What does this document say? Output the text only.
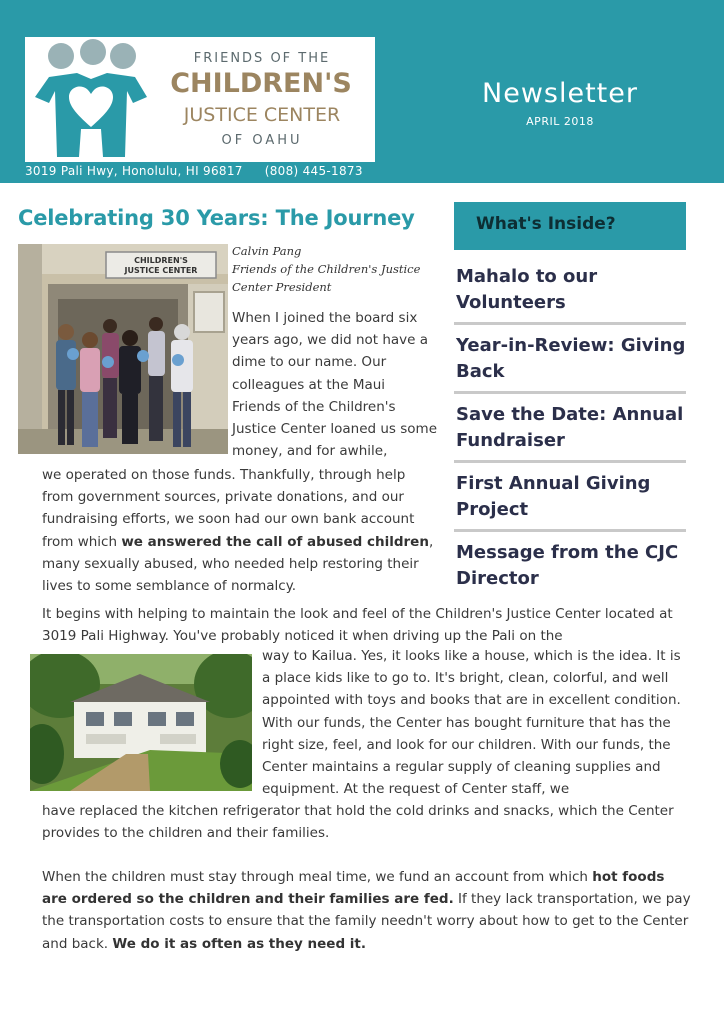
FRIENDS OF THE
CHILDREN'S
JUSTICE CENTER
OF OAHU
3019 Pali Hwy, Honolulu, HI 96817 (808) 445-1873
Newsletter
APRIL 2018
Celebrating 30 Years: The Journey
CHILDREN'S
JUSTICE CENTER
Calvin Pang
Friends of the Children's Justice Center President

When I joined the board six years ago, we did not have a dime to our name. Our colleagues at the Maui Friends of the Children's Justice Center loaned us some money, and for awhile,

we operated on those funds. Thankfully, through help from government sources, private donations, and our fundraising efforts, we soon had our own bank account from which we answered the call of abused children, many sexually abused, who needed help restoring their lives to some semblance of normalcy.

What's Inside?
Mahalo to our Volunteers
Year-in-Review: Giving Back
Save the Date: Annual Fundraiser
First Annual Giving Project
Message from the CJC Director

It begins with helping to maintain the look and feel of the Children's Justice Center located at 3019 Pali Highway. You've probably noticed it when driving up the Pali on the

way to Kailua. Yes, it looks like a house, which is the idea. It is a place kids like to go to. It's bright, clean, colorful, and well appointed with toys and books that are in excellent condition. With our funds, the Center has bought furniture that has the right size, feel, and look for our children. With our funds, the Center maintains a regular supply of cleaning supplies and equipment. At the request of Center staff, we

have replaced the kitchen refrigerator that hold the cold drinks and snacks, which the Center provides to the children and their families.

When the children must stay through meal time, we fund an account from which hot foods are ordered so the children and their families are fed. If they lack transportation, we pay the transportation costs to ensure that the family needn't worry about how to get to the Center and back. We do it as often as they need it.
